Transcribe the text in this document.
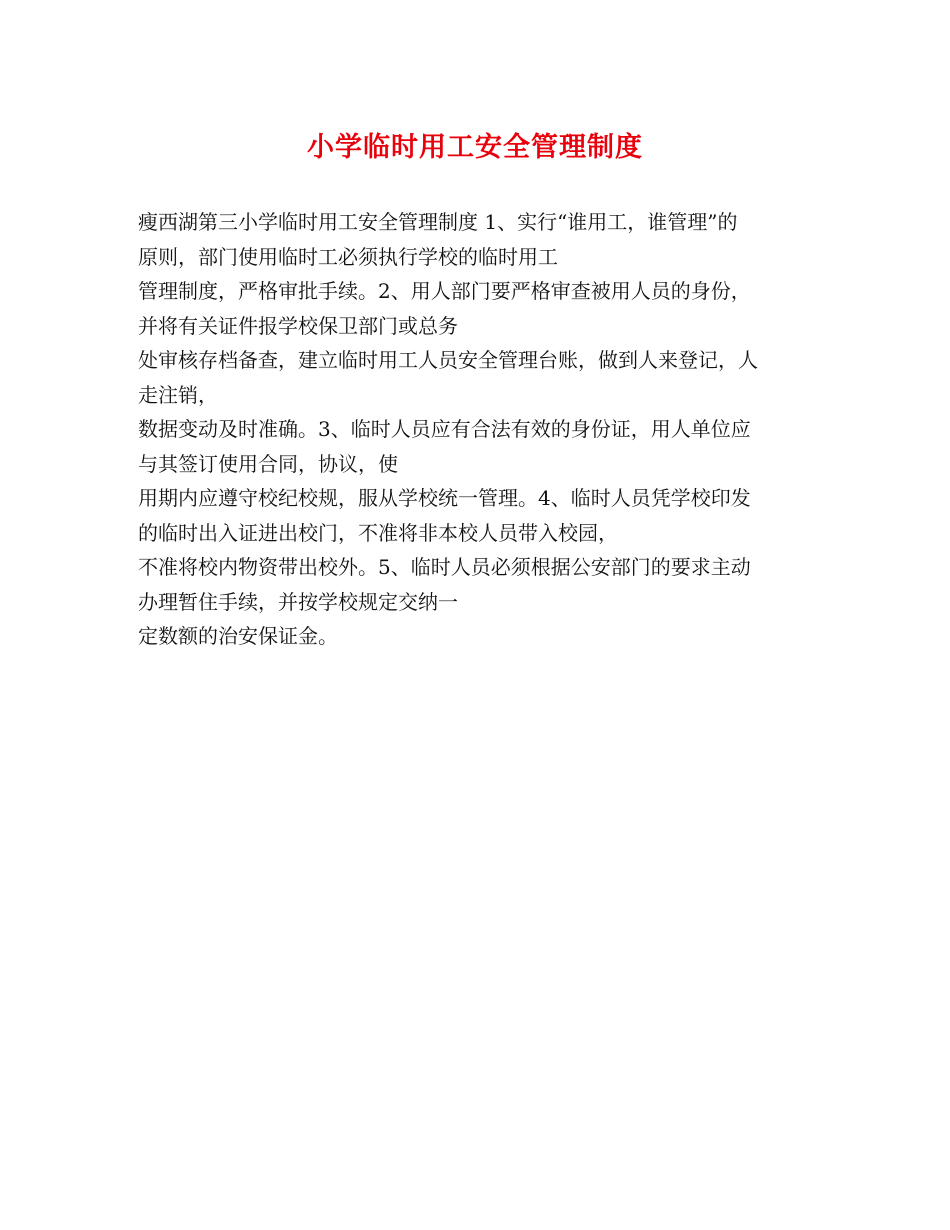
小学临时用工安全管理制度
瘦西湖第三小学临时用工安全管理制度 1、实行“谁用工，谁管理”的
原则，部门使用临时工必须执行学校的临时用工
管理制度，严格审批手续。2、用人部门要严格审查被用人员的身份，
并将有关证件报学校保卫部门或总务
处审核存档备查，建立临时用工人员安全管理台账，做到人来登记，人
走注销，
数据变动及时准确。3、临时人员应有合法有效的身份证，用人单位应
与其签订使用合同，协议，使
用期内应遵守校纪校规，服从学校统一管理。4、临时人员凭学校印发
的临时出入证进出校门，不准将非本校人员带入校园，
不准将校内物资带出校外。5、临时人员必须根据公安部门的要求主动
办理暂住手续，并按学校规定交纳一
定数额的治安保证金。
